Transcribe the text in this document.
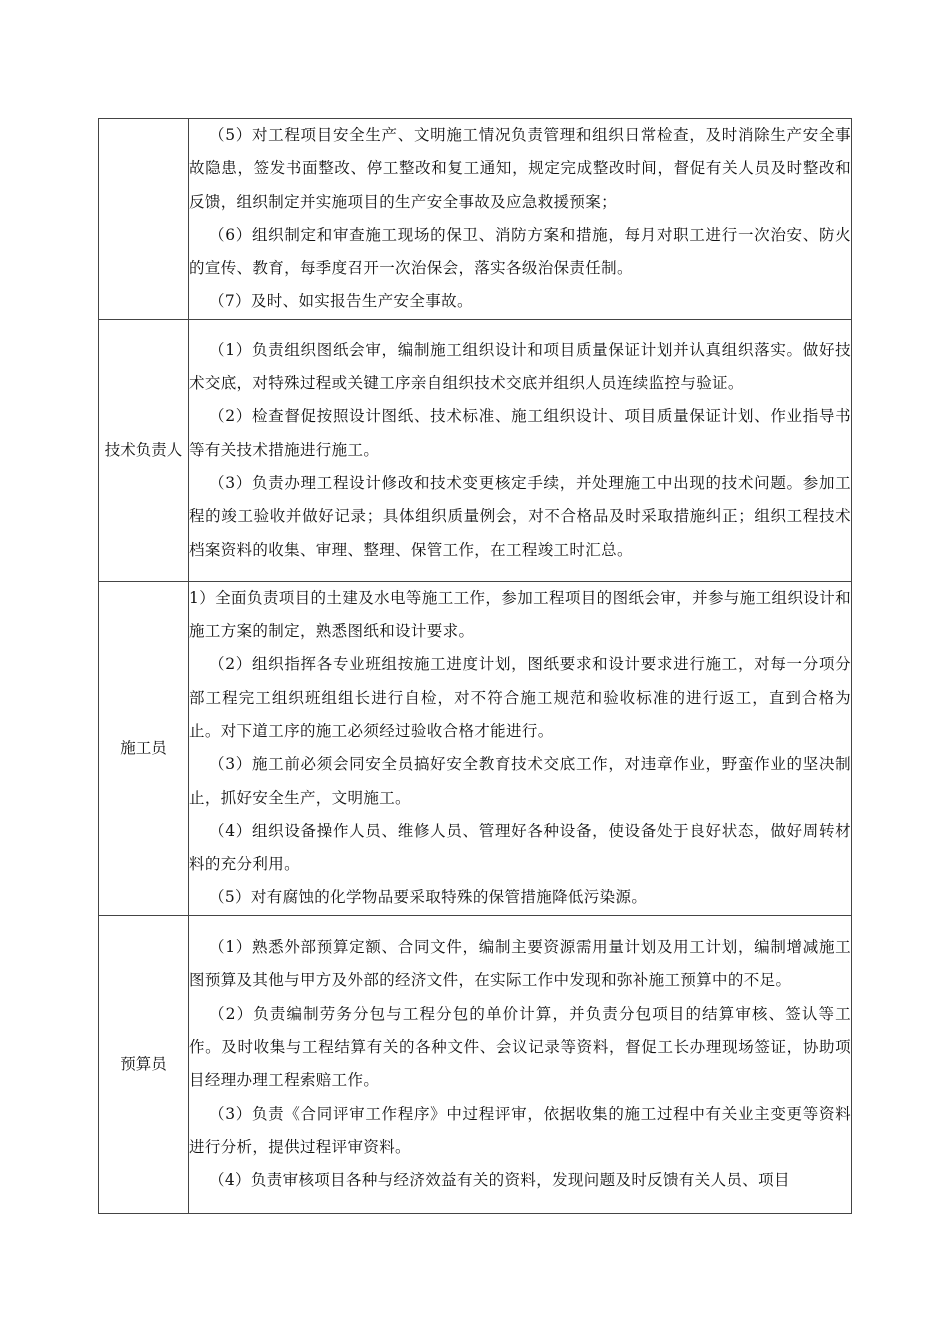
	（5）对工程项目安全生产、文明施工情况负责管理和组织日常检查，及时消除生产安全事故隐患，签发书面整改、停工整改和复工通知，规定完成整改时间，督促有关人员及时整改和反馈，组织制定并实施项目的生产安全事故及应急救援预案；

（6）组织制定和审查施工现场的保卫、消防方案和措施，每月对职工进行一次治安、防火的宣传、教育，每季度召开一次治保会，落实各级治保责任制。

（7）及时、如实报告生产安全事故。

技术负责人	（1）负责组织图纸会审，编制施工组织设计和项目质量保证计划并认真组织落实。做好技术交底，对特殊过程或关键工序亲自组织技术交底并组织人员连续监控与验证。

（2）检查督促按照设计图纸、技术标准、施工组织设计、项目质量保证计划、作业指导书等有关技术措施进行施工。

（3）负责办理工程设计修改和技术变更核定手续，并处理施工中出现的技术问题。参加工程的竣工验收并做好记录；具体组织质量例会，对不合格品及时采取措施纠正；组织工程技术档案资料的收集、审理、整理、保管工作，在工程竣工时汇总。

施工员	1）全面负责项目的土建及水电等施工工作，参加工程项目的图纸会审，并参与施工组织设计和施工方案的制定，熟悉图纸和设计要求。

（2）组织指挥各专业班组按施工进度计划，图纸要求和设计要求进行施工，对每一分项分部工程完工组织班组组长进行自检，对不符合施工规范和验收标准的进行返工，直到合格为止。对下道工序的施工必须经过验收合格才能进行。

（3）施工前必须会同安全员搞好安全教育技术交底工作，对违章作业，野蛮作业的坚决制止，抓好安全生产，文明施工。

（4）组织设备操作人员、维修人员、管理好各种设备，使设备处于良好状态，做好周转材料的充分利用。

（5）对有腐蚀的化学物品要采取特殊的保管措施降低污染源。

预算员	（1）熟悉外部预算定额、合同文件，编制主要资源需用量计划及用工计划，编制增减施工图预算及其他与甲方及外部的经济文件，在实际工作中发现和弥补施工预算中的不足。

（2）负责编制劳务分包与工程分包的单价计算，并负责分包项目的结算审核、签认等工作。及时收集与工程结算有关的各种文件、会议记录等资料，督促工长办理现场签证，协助项目经理办理工程索赔工作。

（3）负责《合同评审工作程序》中过程评审，依据收集的施工过程中有关业主变更等资料进行分析，提供过程评审资料。

（4）负责审核项目各种与经济效益有关的资料，发现问题及时反馈有关人员、项目
